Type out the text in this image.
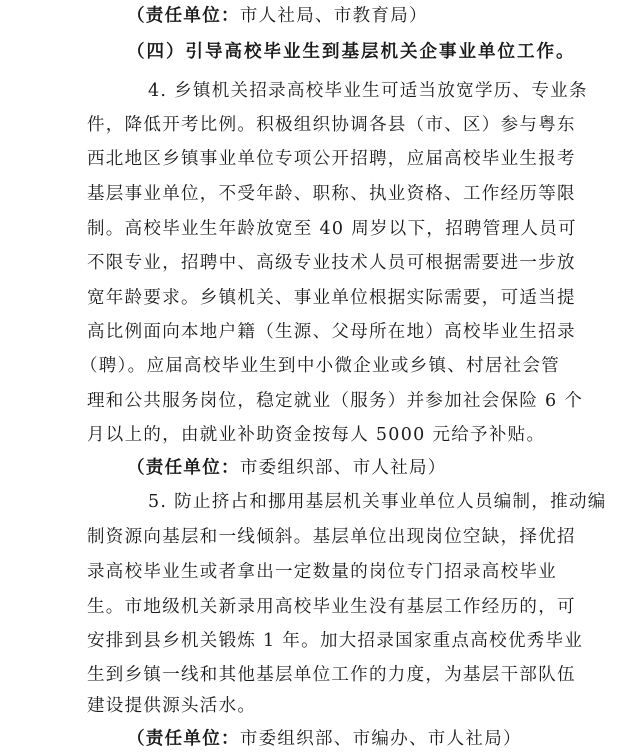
（责任单位：市人社局、市教育局）
（四）引导高校毕业生到基层机关企事业单位工作。
4. 乡镇机关招录高校毕业生可适当放宽学历、专业条
件，降低开考比例。积极组织协调各县（市、区）参与粤东
西北地区乡镇事业单位专项公开招聘，应届高校毕业生报考
基层事业单位，不受年龄、职称、执业资格、工作经历等限
制。高校毕业生年龄放宽至 40 周岁以下，招聘管理人员可
不限专业，招聘中、高级专业技术人员可根据需要进一步放
宽年龄要求。乡镇机关、事业单位根据实际需要，可适当提
高比例面向本地户籍（生源、父母所在地）高校毕业生招录
（聘）。应届高校毕业生到中小微企业或乡镇、村居社会管
理和公共服务岗位，稳定就业（服务）并参加社会保险 6 个
月以上的，由就业补助资金按每人 5000 元给予补贴。
（责任单位：市委组织部、市人社局）
5. 防止挤占和挪用基层机关事业单位人员编制，推动编
制资源向基层和一线倾斜。基层单位出现岗位空缺，择优招
录高校毕业生或者拿出一定数量的岗位专门招录高校毕业
生。市地级机关新录用高校毕业生没有基层工作经历的，可
安排到县乡机关锻炼 1 年。加大招录国家重点高校优秀毕业
生到乡镇一线和其他基层单位工作的力度，为基层干部队伍
建设提供源头活水。
（责任单位：市委组织部、市编办、市人社局）
